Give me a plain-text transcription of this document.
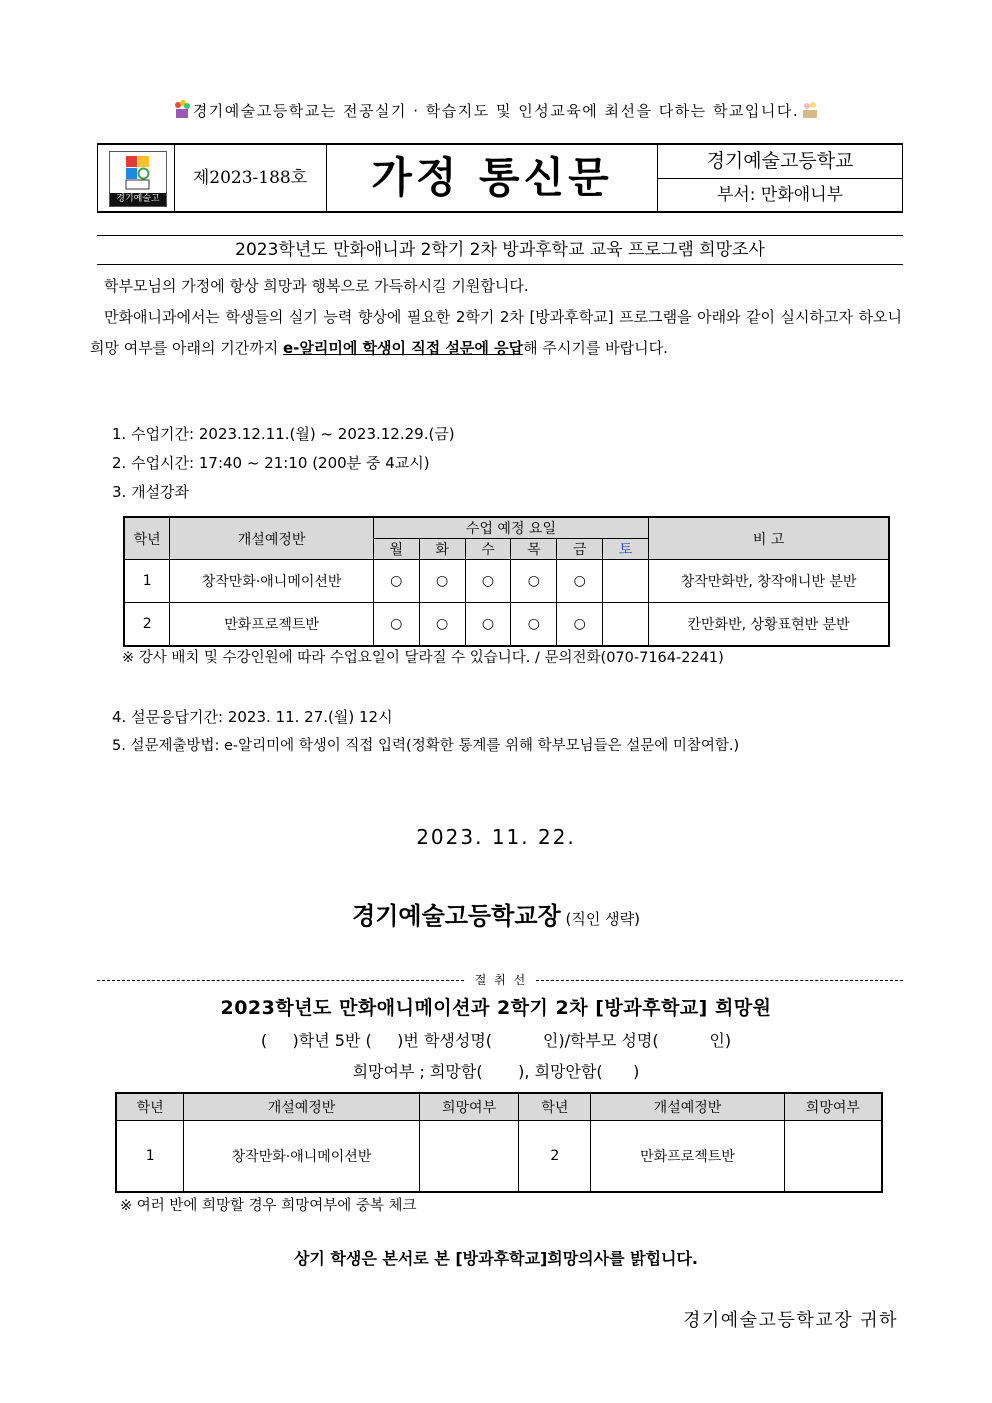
경기예술고등학교는 전공실기 · 학습지도 및 인성교육에 최선을 다하는 학교입니다.
경기예술고
제2023-188호	가정 통신문	경기예술고등학교
부서: 만화애니부
2023학년도 만화애니과 2학기 2차 방과후학교 교육 프로그램 희망조사
학부모님의 가정에 항상 희망과 행복으로 가득하시길 기원합니다.
만화애니과에서는 학생들의 실기 능력 향상에 필요한 2학기 2차 [방과후학교] 프로그램을 아래와 같이 실시하고자 하오니 희망 여부를 아래의 기간까지 e-알리미에 학생이 직접 설문에 응답해 주시기를 바랍니다.
1. 수업기간: 2023.12.11.(월) ~ 2023.12.29.(금)
2. 수업시간: 17:40 ~ 21:10 (200분 중 4교시)
3. 개설강좌
학년	개설예정반	수업 예정 요일						비 고
		월	화	수	목	금	토	
1	창작만화·애니메이션반	○	○	○	○	○		창작만화반, 창작애니반 분반
2	만화프로젝트반	○	○	○	○	○		칸만화반, 상황표현반 분반
※ 강사 배치 및 수강인원에 따라 수업요일이 달라질 수 있습니다. / 문의전화(070-7164-2241)
4. 설문응답기간: 2023. 11. 27.(월) 12시
5. 설문제출방법: e-알리미에 학생이 직접 입력(정확한 통계를 위해 학부모님들은 설문에 미참여함.)
2023. 11. 22.
경기예술고등학교장 (직인 생략)
절 취 선
2023학년도 만화애니메이션과 2학기 2차 [방과후학교] 희망원
(     )학년 5반 (     )번 학생성명(          인)/학부모 성명(          인)
희망여부 ; 희망함(       ), 희망안함(      )
학년	개설예정반	희망여부	학년	개설예정반	희망여부
1	창작만화·애니메이션반		2	만화프로젝트반	
※ 여러 반에 희망할 경우 희망여부에 중복 체크
상기 학생은 본서로 본 [방과후학교]희망의사를 밝힙니다.
경기예술고등학교장 귀하
